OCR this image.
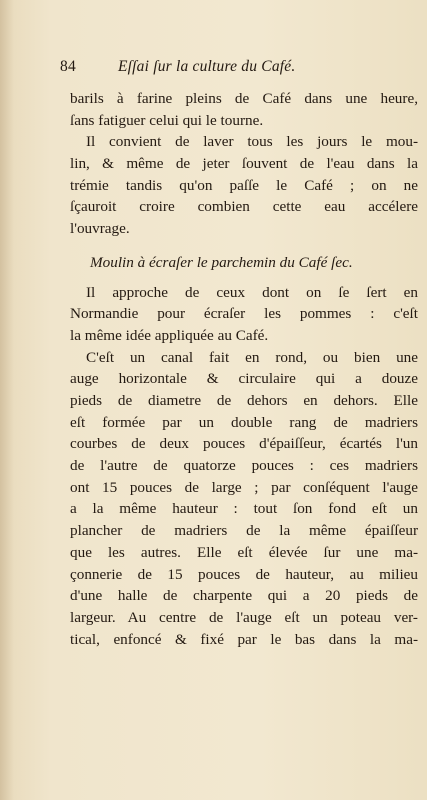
84	Eſſai ſur la culture du Café.
barils à farine pleins de Café dans une heure,
ſans fatiguer celui qui le tourne.
Il convient de laver tous les jours le mou-
lin, & même de jeter ſouvent de l'eau dans la
trémie tandis qu'on paſſe le Café ; on ne
ſçauroit croire combien cette eau accélere
l'ouvrage.
Moulin à écraſer le parchemin du Café ſec.
Il approche de ceux dont on ſe ſert en
Normandie pour écraſer les pommes : c'eſt
la même idée appliquée au Café.
C'eſt un canal fait en rond, ou bien une
auge horizontale & circulaire qui a douze
pieds de diametre de dehors en dehors. Elle
eſt formée par un double rang de madriers
courbes de deux pouces d'épaiſſeur, écartés l'un
de l'autre de quatorze pouces : ces madriers
ont 15 pouces de large ; par conſéquent l'auge
a la même hauteur : tout ſon fond eſt un
plancher de madriers de la même épaiſſeur
que les autres. Elle eſt élevée ſur une ma-
çonnerie de 15 pouces de hauteur, au milieu
d'une halle de charpente qui a 20 pieds de
largeur. Au centre de l'auge eſt un poteau ver-
tical, enfoncé & fixé par le bas dans la ma-
